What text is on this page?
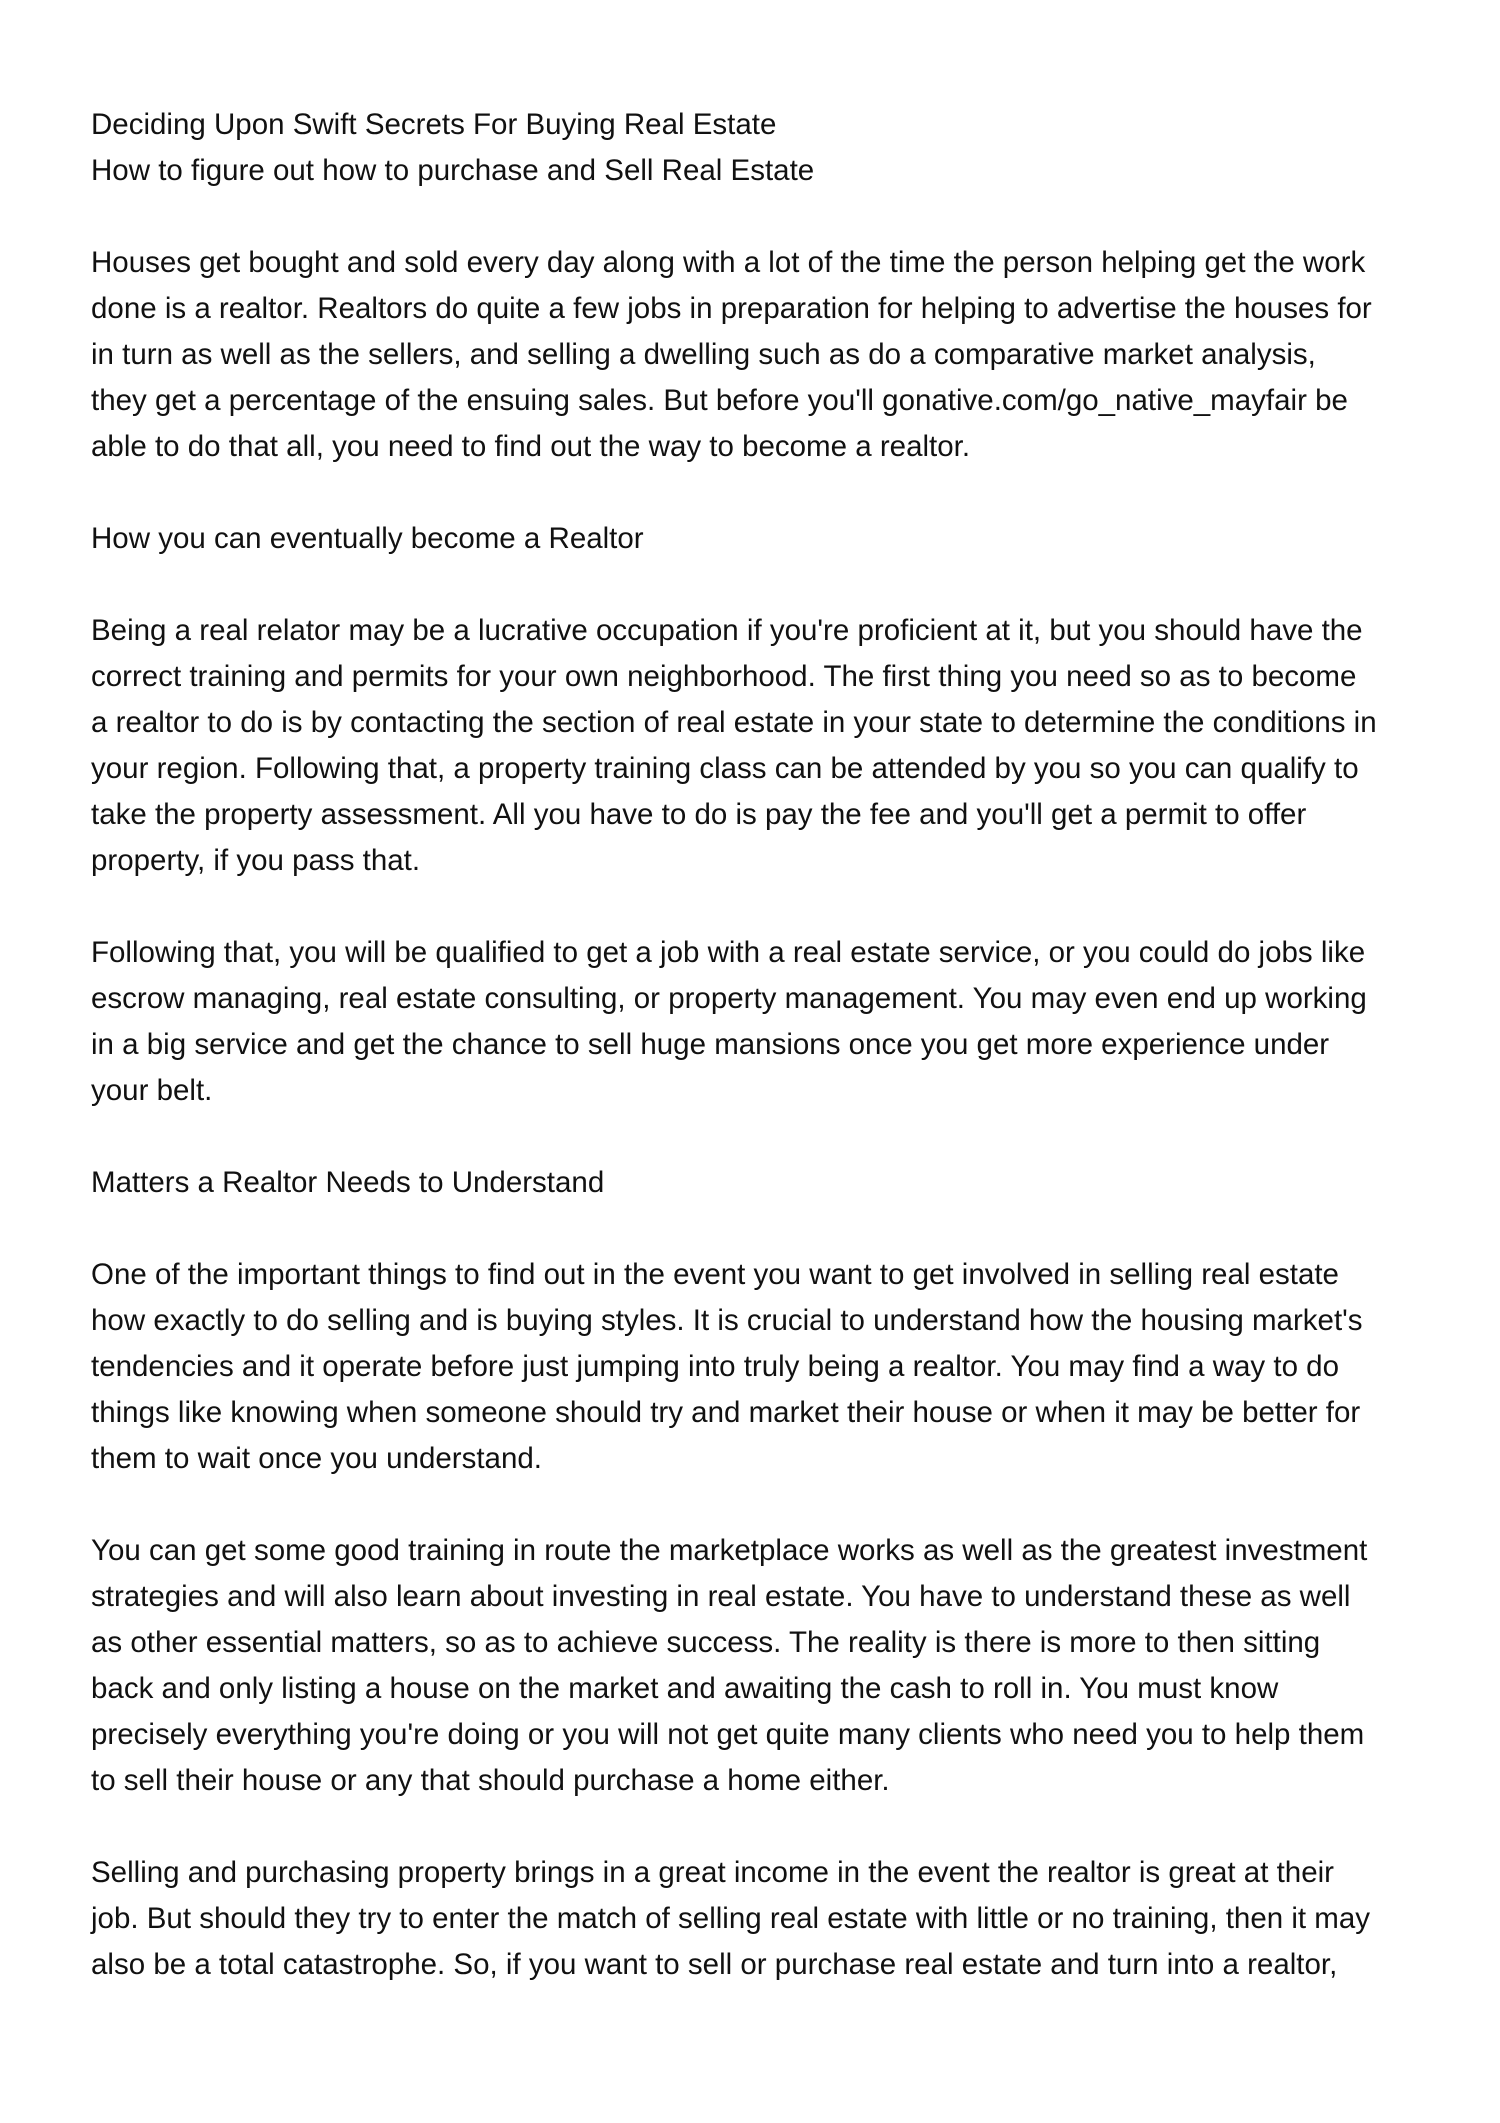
Deciding Upon Swift Secrets For Buying Real Estate
How to figure out how to purchase and Sell Real Estate

Houses get bought and sold every day along with a lot of the time the person helping get the work
done is a realtor. Realtors do quite a few jobs in preparation for helping to advertise the houses for
in turn as well as the sellers, and selling a dwelling such as do a comparative market analysis,
they get a percentage of the ensuing sales. But before you'll gonative.com/go_native_mayfair be
able to do that all, you need to find out the way to become a realtor.

How you can eventually become a Realtor

Being a real relator may be a lucrative occupation if you're proficient at it, but you should have the
correct training and permits for your own neighborhood. The first thing you need so as to become
a realtor to do is by contacting the section of real estate in your state to determine the conditions in
your region. Following that, a property training class can be attended by you so you can qualify to
take the property assessment. All you have to do is pay the fee and you'll get a permit to offer
property, if you pass that.

Following that, you will be qualified to get a job with a real estate service, or you could do jobs like
escrow managing, real estate consulting, or property management. You may even end up working
in a big service and get the chance to sell huge mansions once you get more experience under
your belt.

Matters a Realtor Needs to Understand

One of the important things to find out in the event you want to get involved in selling real estate
how exactly to do selling and is buying styles. It is crucial to understand how the housing market's
tendencies and it operate before just jumping into truly being a realtor. You may find a way to do
things like knowing when someone should try and market their house or when it may be better for
them to wait once you understand.

You can get some good training in route the marketplace works as well as the greatest investment
strategies and will also learn about investing in real estate. You have to understand these as well
as other essential matters, so as to achieve success. The reality is there is more to then sitting
back and only listing a house on the market and awaiting the cash to roll in. You must know
precisely everything you're doing or you will not get quite many clients who need you to help them
to sell their house or any that should purchase a home either.

Selling and purchasing property brings in a great income in the event the realtor is great at their
job. But should they try to enter the match of selling real estate with little or no training, then it may
also be a total catastrophe. So, if you want to sell or purchase real estate and turn into a realtor,
